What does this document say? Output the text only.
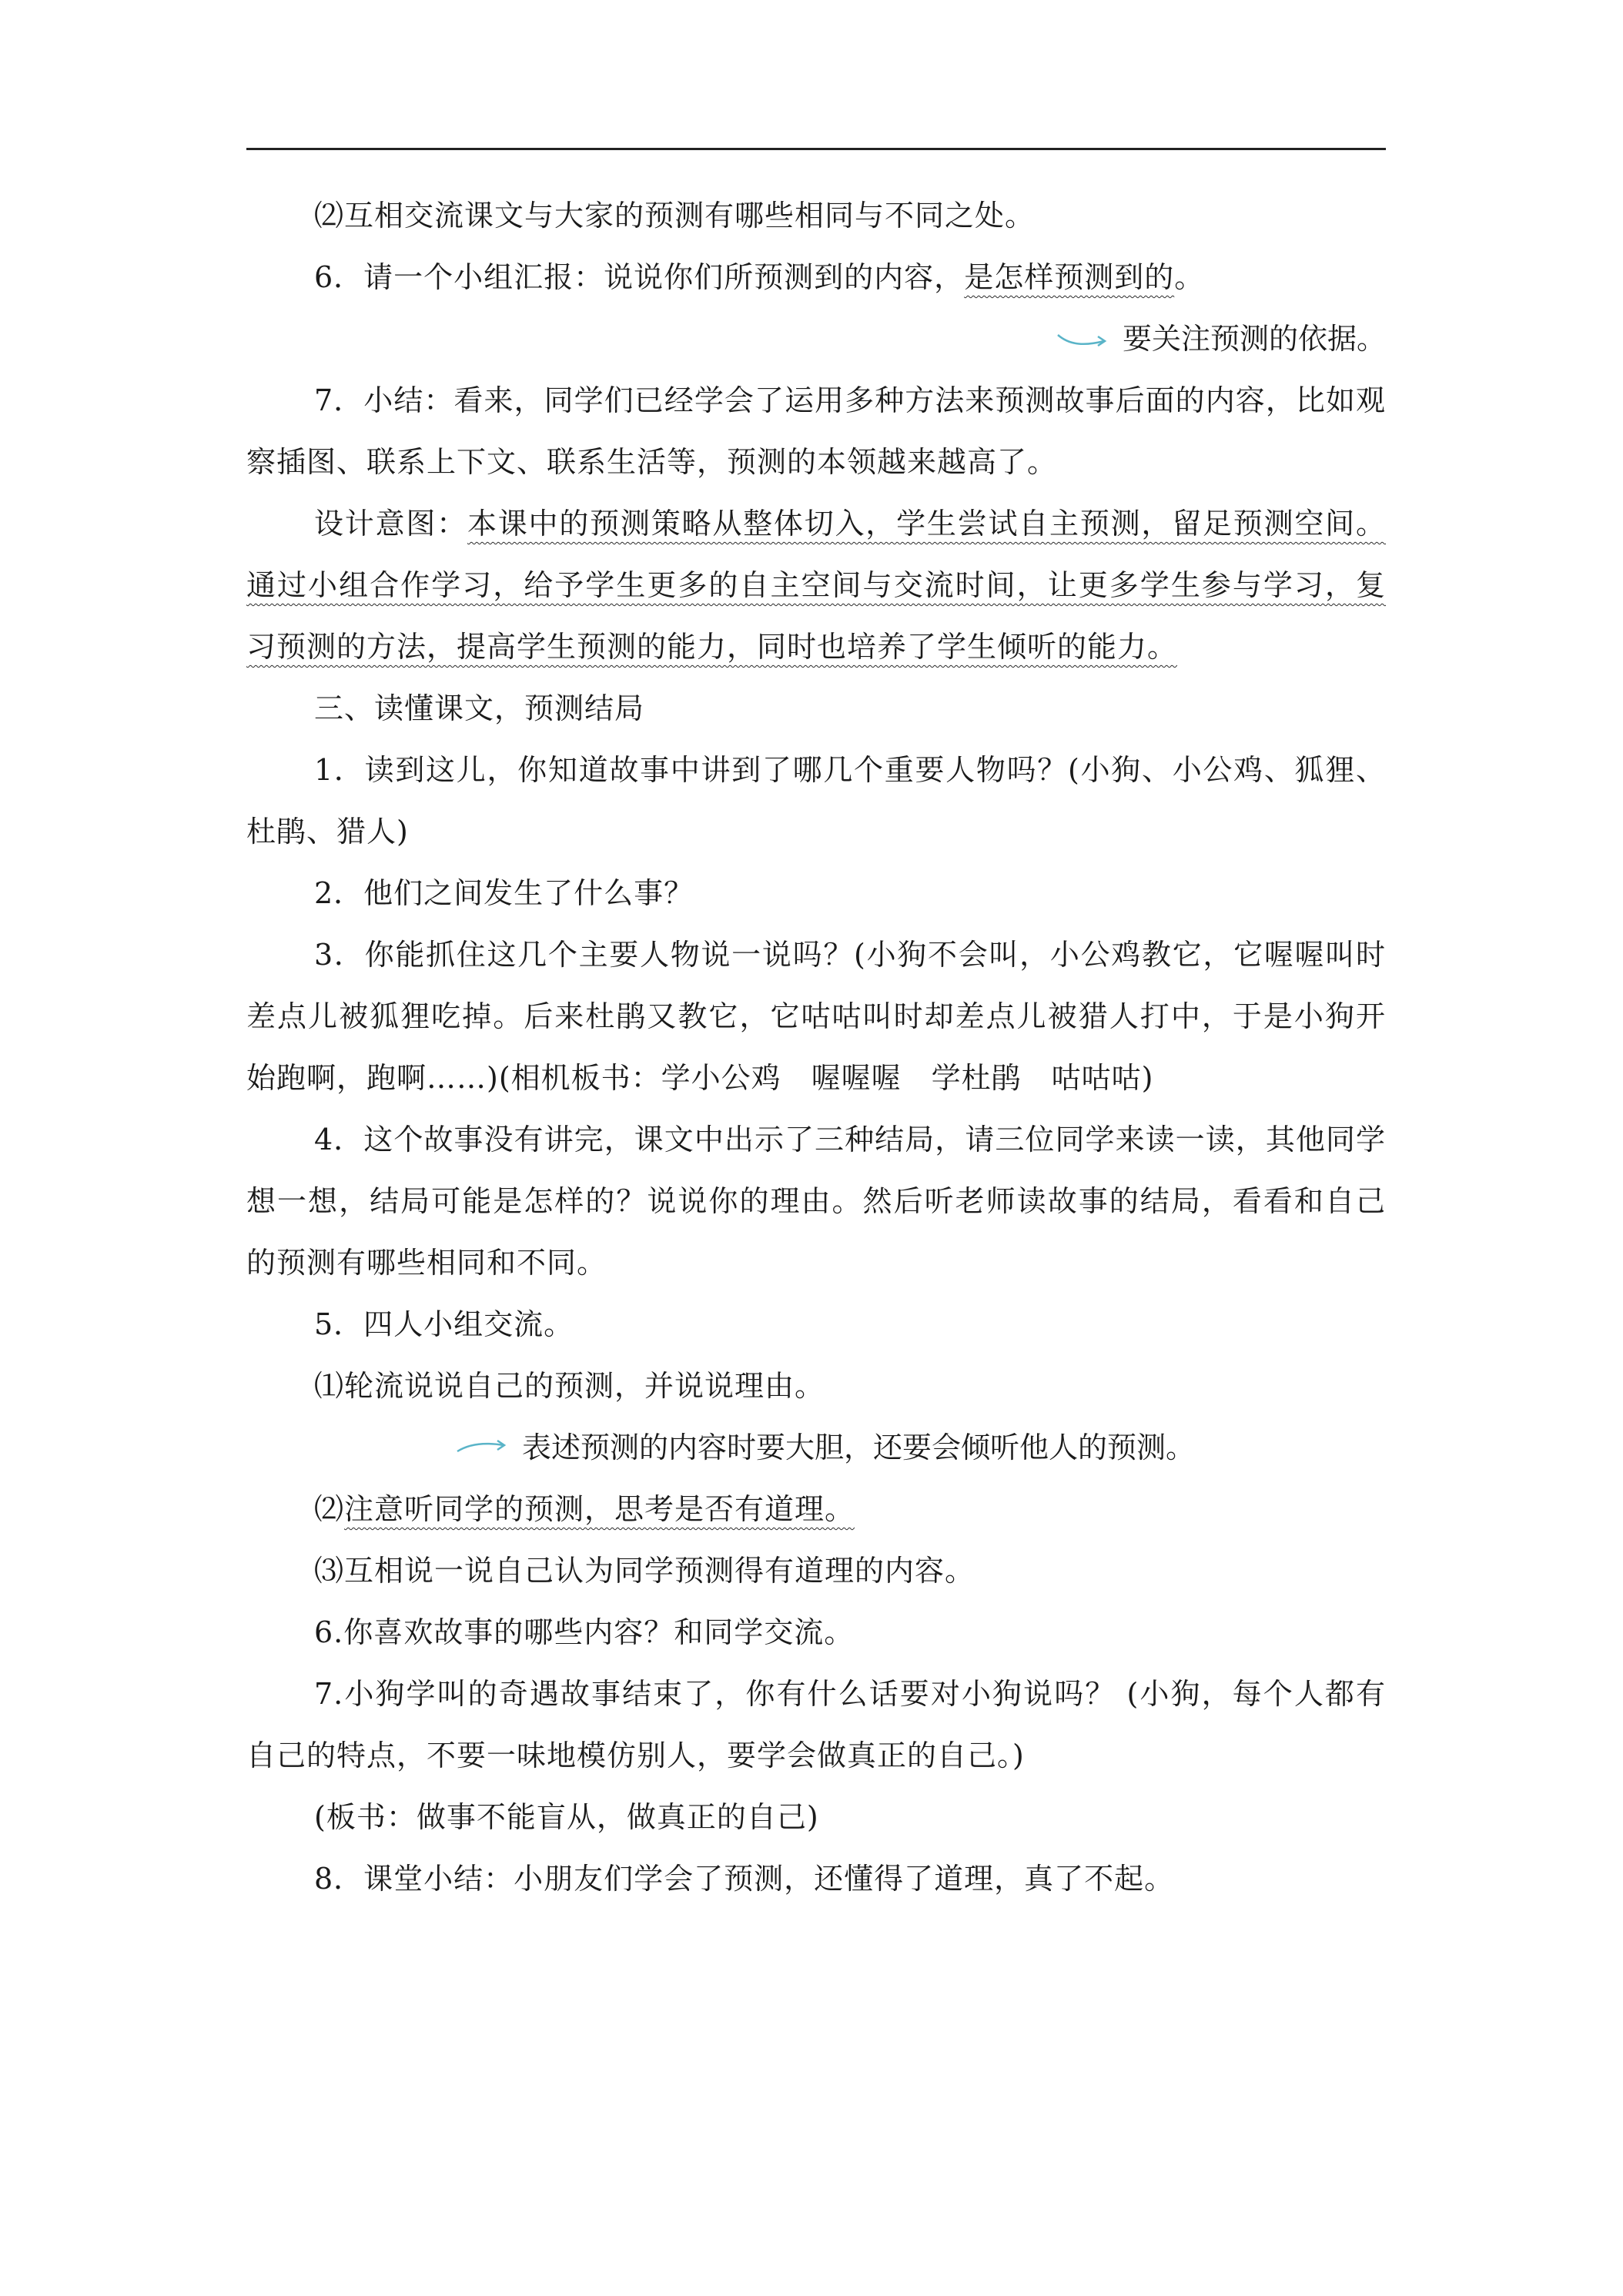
⑵互相交流课文与大家的预测有哪些相同与不同之处。

6．请一个小组汇报：说说你们所预测到的内容，是怎样预测到的。

要关注预测的依据。

7．小结：看来，同学们已经学会了运用多种方法来预测故事后面的内容，比如观察插图、联系上下文、联系生活等，预测的本领越来越高了。

设计意图：本课中的预测策略从整体切入，学生尝试自主预测，留足预测空间。通过小组合作学习，给予学生更多的自主空间与交流时间，让更多学生参与学习，复习预测的方法，提高学生预测的能力，同时也培养了学生倾听的能力。

三、读懂课文，预测结局

1．读到这儿，你知道故事中讲到了哪几个重要人物吗？(小狗、小公鸡、狐狸、杜鹃、猎人)

2．他们之间发生了什么事？

3．你能抓住这几个主要人物说一说吗？(小狗不会叫，小公鸡教它，它喔喔叫时差点儿被狐狸吃掉。后来杜鹃又教它，它咕咕叫时却差点儿被猎人打中，于是小狗开始跑啊，跑啊……)(相机板书：学小公鸡　喔喔喔　学杜鹃　咕咕咕)

4．这个故事没有讲完，课文中出示了三种结局，请三位同学来读一读，其他同学想一想，结局可能是怎样的？说说你的理由。然后听老师读故事的结局，看看和自己的预测有哪些相同和不同。

5．四人小组交流。

⑴轮流说说自己的预测，并说说理由。

表述预测的内容时要大胆，还要会倾听他人的预测。

⑵注意听同学的预测，思考是否有道理。

⑶互相说一说自己认为同学预测得有道理的内容。

6.你喜欢故事的哪些内容？和同学交流。

7.小狗学叫的奇遇故事结束了，你有什么话要对小狗说吗？ (小狗，每个人都有自己的特点，不要一味地模仿别人，要学会做真正的自己。)

(板书：做事不能盲从，做真正的自己)

8．课堂小结：小朋友们学会了预测，还懂得了道理，真了不起。
